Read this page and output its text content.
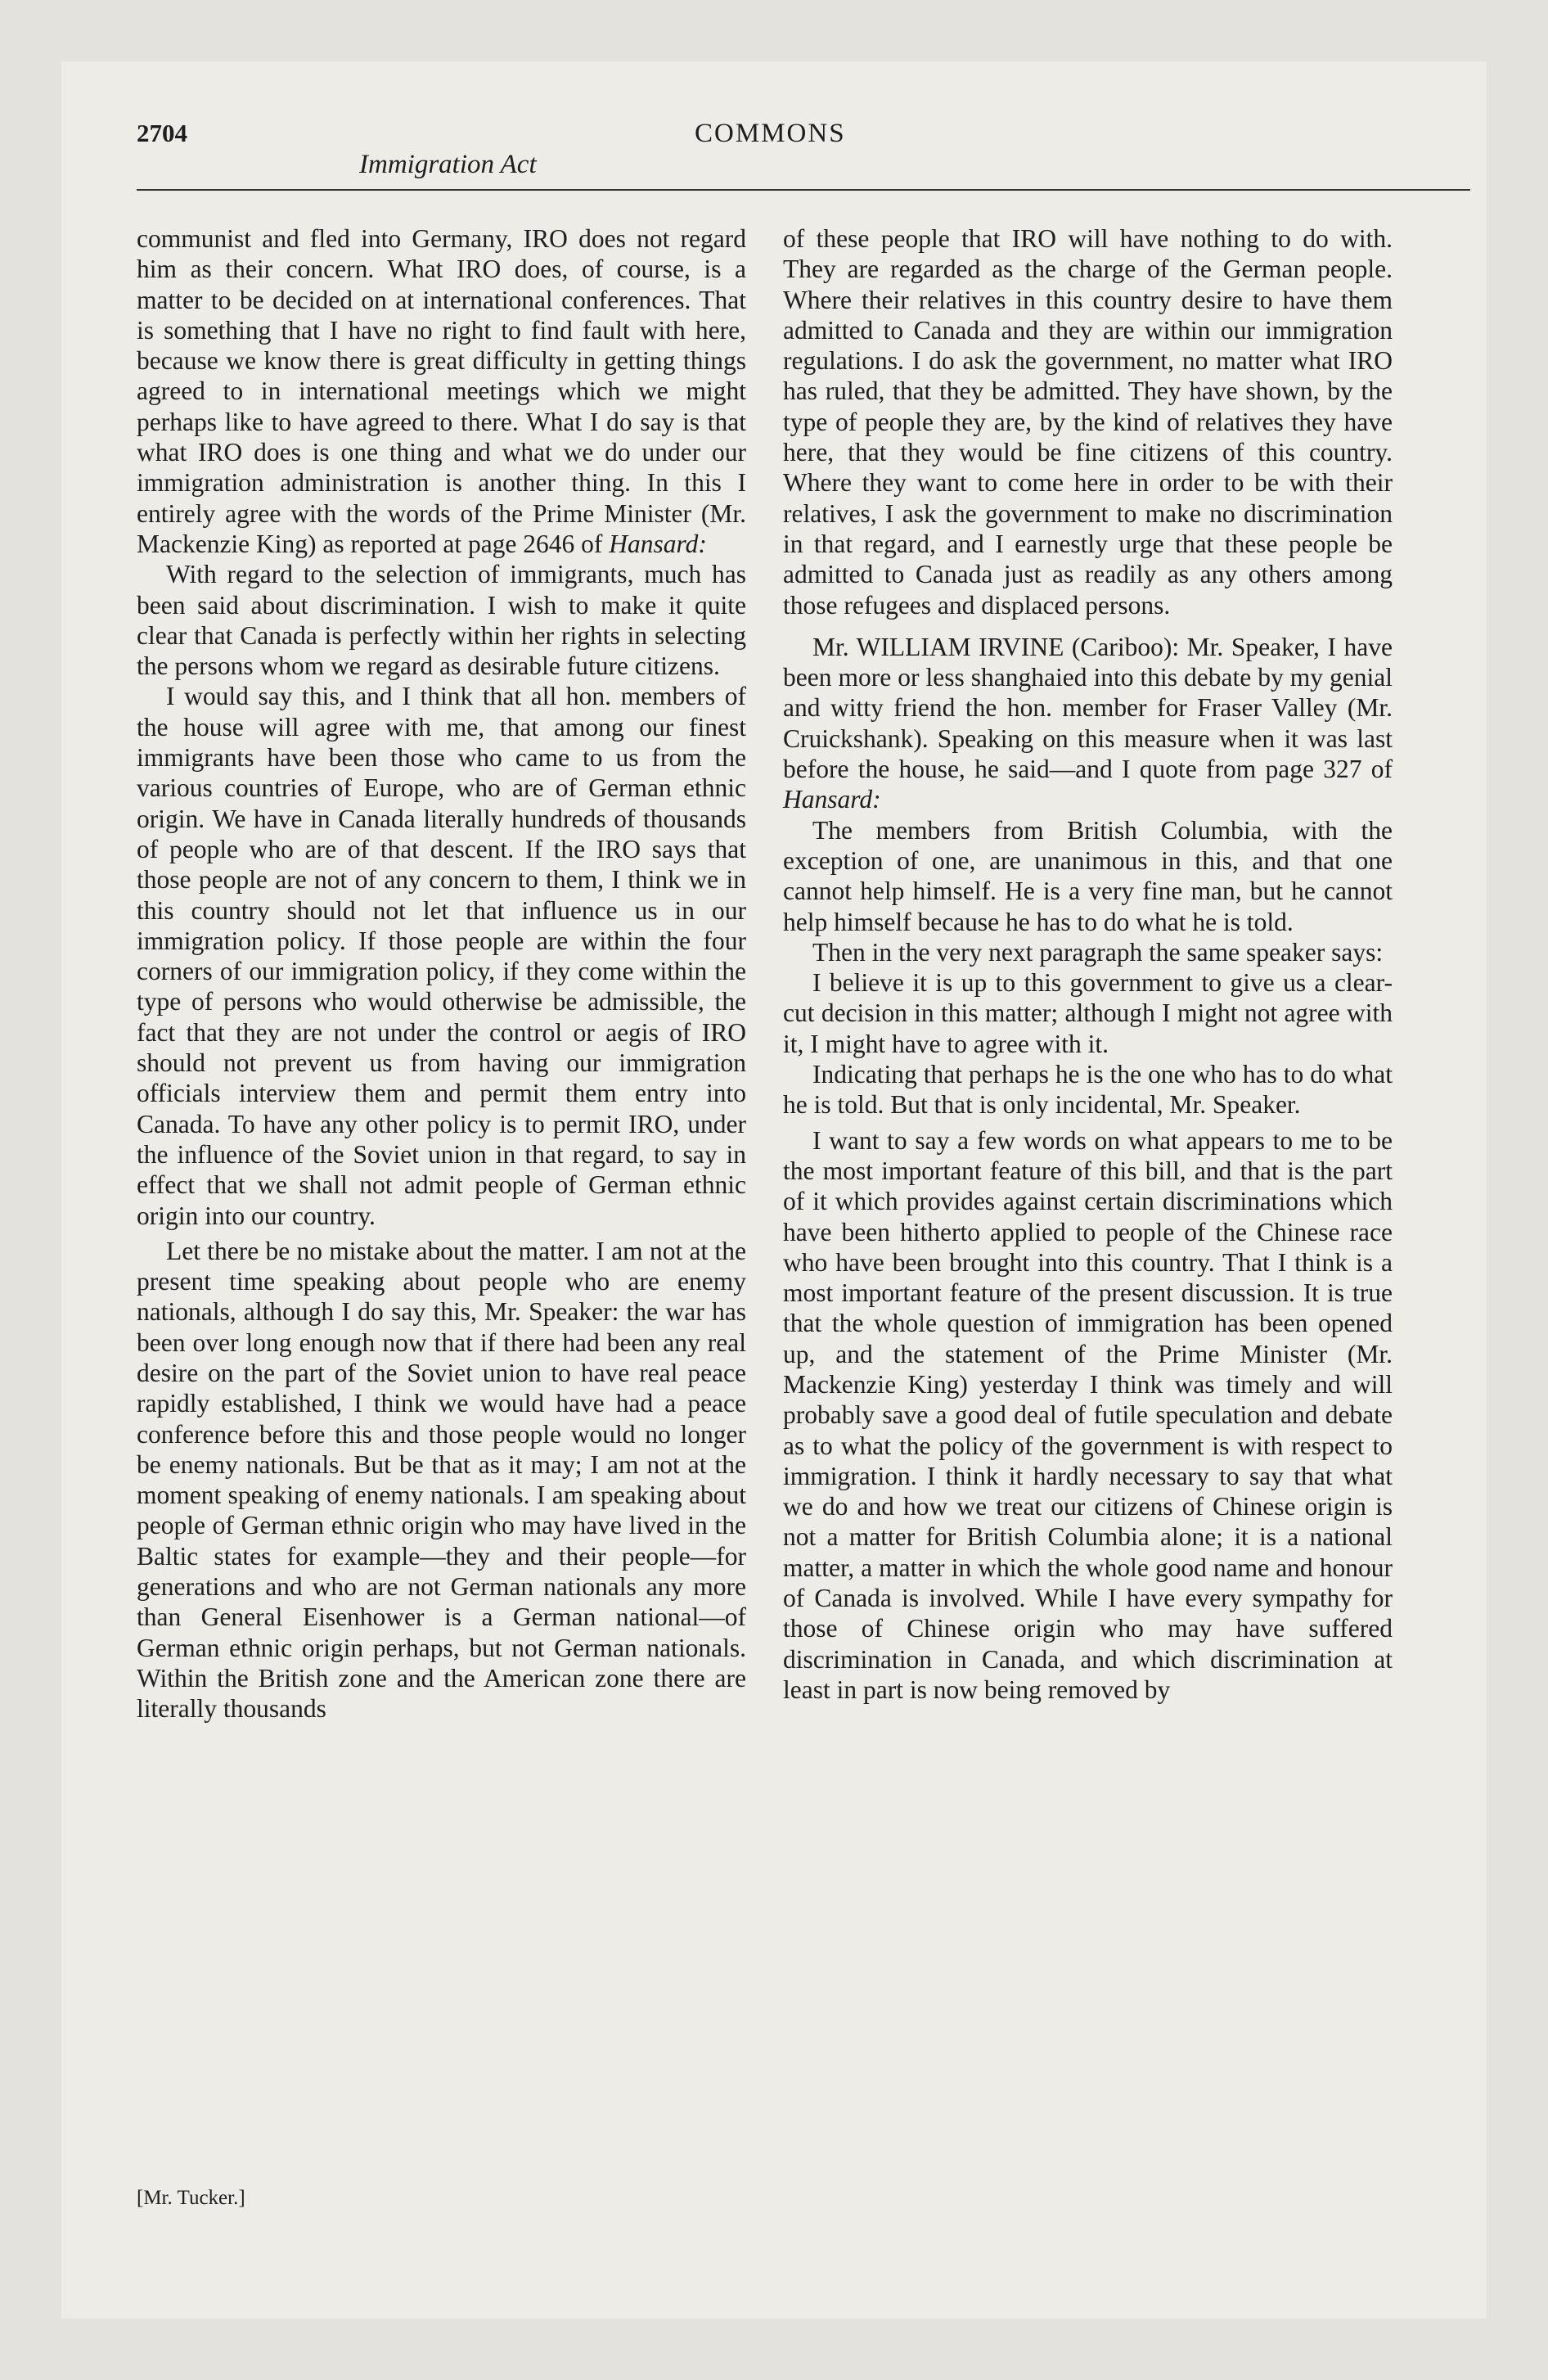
2704	COMMONS
Immigration Act

communist and fled into Germany, IRO does not regard him as their concern. What IRO does, of course, is a matter to be decided on at international conferences. That is something that I have no right to find fault with here, because we know there is great difficulty in getting things agreed to in international meetings which we might perhaps like to have agreed to there. What I do say is that what IRO does is one thing and what we do under our immigration administration is another thing. In this I entirely agree with the words of the Prime Minister (Mr. Mackenzie King) as reported at page 2646 of Hansard:

With regard to the selection of immigrants, much has been said about discrimination. I wish to make it quite clear that Canada is perfectly within her rights in selecting the persons whom we regard as desirable future citizens.

I would say this, and I think that all hon. members of the house will agree with me, that among our finest immigrants have been those who came to us from the various countries of Europe, who are of German ethnic origin. We have in Canada literally hundreds of thousands of people who are of that descent. If the IRO says that those people are not of any concern to them, I think we in this country should not let that influence us in our immigration policy. If those people are within the four corners of our immigration policy, if they come within the type of persons who would otherwise be admissible, the fact that they are not under the control or aegis of IRO should not prevent us from having our immigration officials interview them and permit them entry into Canada. To have any other policy is to permit IRO, under the influence of the Soviet union in that regard, to say in effect that we shall not admit people of German ethnic origin into our country.

Let there be no mistake about the matter. I am not at the present time speaking about people who are enemy nationals, although I do say this, Mr. Speaker: the war has been over long enough now that if there had been any real desire on the part of the Soviet union to have real peace rapidly established, I think we would have had a peace conference before this and those people would no longer be enemy nationals. But be that as it may; I am not at the moment speaking of enemy nationals. I am speaking about people of German ethnic origin who may have lived in the Baltic states for example—they and their people—for generations and who are not German nationals any more than General Eisenhower is a German national—of German ethnic origin perhaps, but not German nationals. Within the British zone and the American zone there are literally thousands

of these people that IRO will have nothing to do with. They are regarded as the charge of the German people. Where their relatives in this country desire to have them admitted to Canada and they are within our immigration regulations. I do ask the government, no matter what IRO has ruled, that they be admitted. They have shown, by the type of people they are, by the kind of relatives they have here, that they would be fine citizens of this country. Where they want to come here in order to be with their relatives, I ask the government to make no discrimination in that regard, and I earnestly urge that these people be admitted to Canada just as readily as any others among those refugees and displaced persons.

Mr. WILLIAM IRVINE (Cariboo): Mr. Speaker, I have been more or less shanghaied into this debate by my genial and witty friend the hon. member for Fraser Valley (Mr. Cruickshank). Speaking on this measure when it was last before the house, he said—and I quote from page 327 of Hansard:

The members from British Columbia, with the exception of one, are unanimous in this, and that one cannot help himself. He is a very fine man, but he cannot help himself because he has to do what he is told.

Then in the very next paragraph the same speaker says:

I believe it is up to this government to give us a clear-cut decision in this matter; although I might not agree with it, I might have to agree with it.

Indicating that perhaps he is the one who has to do what he is told. But that is only incidental, Mr. Speaker.

I want to say a few words on what appears to me to be the most important feature of this bill, and that is the part of it which provides against certain discriminations which have been hitherto applied to people of the Chinese race who have been brought into this country. That I think is a most important feature of the present discussion. It is true that the whole question of immigration has been opened up, and the statement of the Prime Minister (Mr. Mackenzie King) yesterday I think was timely and will probably save a good deal of futile speculation and debate as to what the policy of the government is with respect to immigration. I think it hardly necessary to say that what we do and how we treat our citizens of Chinese origin is not a matter for British Columbia alone; it is a national matter, a matter in which the whole good name and honour of Canada is involved. While I have every sympathy for those of Chinese origin who may have suffered discrimination in Canada, and which discrimination at least in part is now being removed by

[Mr. Tucker.]
